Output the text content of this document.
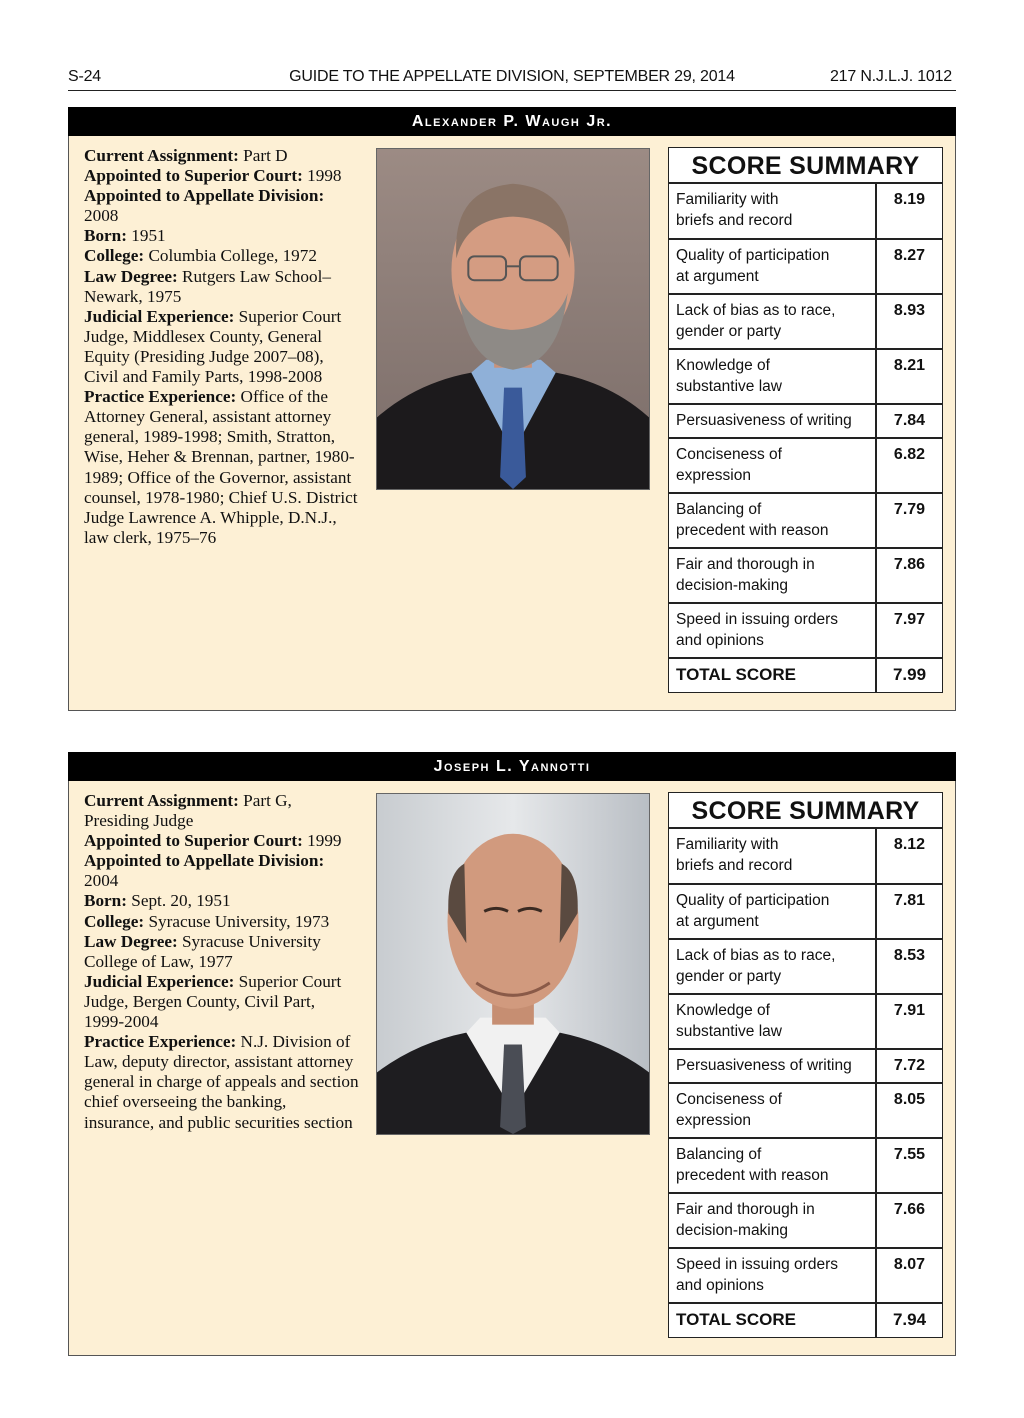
S-24	GUIDE TO THE APPELLATE DIVISION, SEPTEMBER 29, 2014	217 N.J.L.J. 1012
Alexander P. Waugh Jr.

Current Assignment: Part D
Appointed to Superior Court: 1998
Appointed to Appellate Division: 2008
Born: 1951
College: Columbia College, 1972
Law Degree: Rutgers Law School–Newark, 1975
Judicial Experience: Superior Court Judge, Middlesex County, General Equity (Presiding Judge 2007–08), Civil and Family Parts, 1998-2008
Practice Experience: Office of the Attorney General, assistant attorney general, 1989-1998; Smith, Stratton, Wise, Heher & Brennan, partner, 1980-1989; Office of the Governor, assistant counsel, 1978-1980; Chief U.S. District Judge Lawrence A. Whipple, D.N.J., law clerk, 1975–76

SCORE SUMMARY
Familiarity with
briefs and record	8.19

Quality of participation
at argument	8.27

Lack of bias as to race,
gender or party	8.93

Knowledge of
substantive law	8.21

Persuasiveness of writing	7.84

Conciseness of
expression	6.82

Balancing of
precedent with reason	7.79

Fair and thorough in
decision-making	7.86

Speed in issuing orders
and opinions	7.97
TOTAL SCORE	7.99
Joseph L. Yannotti

Current Assignment: Part G, Presiding Judge
Appointed to Superior Court: 1999
Appointed to Appellate Division: 2004
Born: Sept. 20, 1951
College: Syracuse University, 1973
Law Degree: Syracuse University College of Law, 1977
Judicial Experience: Superior Court Judge, Bergen County, Civil Part, 1999-2004
Practice Experience: N.J. Division of Law, deputy director, assistant attorney general in charge of appeals and section chief overseeing the banking, insurance, and public securities section

SCORE SUMMARY
Familiarity with
briefs and record	8.12

Quality of participation
at argument	7.81

Lack of bias as to race,
gender or party	8.53

Knowledge of
substantive law	7.91

Persuasiveness of writing	7.72

Conciseness of
expression	8.05

Balancing of
precedent with reason	7.55

Fair and thorough in
decision-making	7.66

Speed in issuing orders
and opinions	8.07
TOTAL SCORE	7.94
